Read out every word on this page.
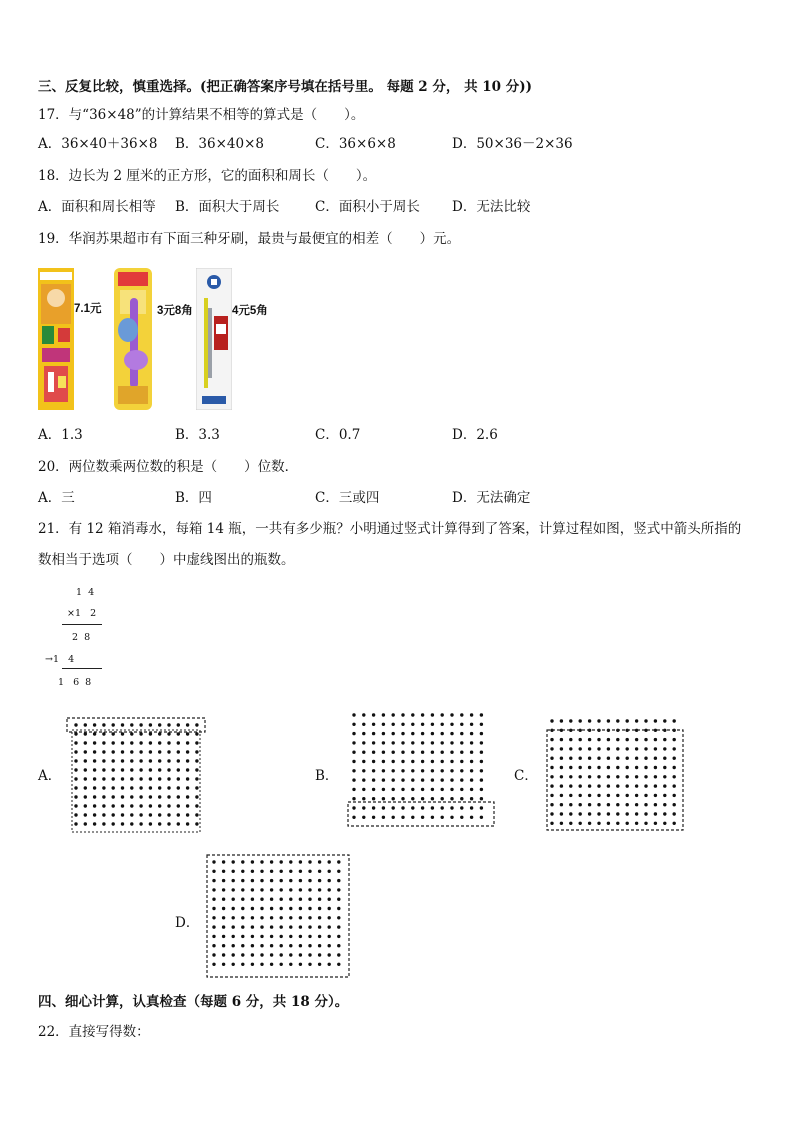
三、反复比较，慎重选择。(把正确答案序号填在括号里。 每题 2 分， 共 10 分))
17．与“36×48”的计算结果不相等的算式是（　　）。
A．36×40＋36×8 B．36×40×8	C．36×6×8	D．50×36－2×36
18．边长为 2 厘米的正方形，它的面积和周长（　　）。
A．面积和周长相等 B．面积大于周长	C．面积小于周长 D．无法比较
19．华润苏果超市有下面三种牙刷，最贵与最便宜的相差（　　）元。
7.1元	3元8角	4元5角
A．1.3	B．3.3	C．0.7	D．2.6
20．两位数乘两位数的积是（　　）位数．
A．三	B．四	C．三或四	D．无法确定
21．有 12 箱消毒水，每箱 14 瓶，一共有多少瓶？小明通过竖式计算得到了答案，计算过程如图，竖式中箭头所指的
数相当于选项（　　）中虚线图出的瓶数。
1  4
×1   2
2  8
→1   4
1   6  8
A．	B．	C．
D．
四、细心计算，认真检查（每题 6 分，共 18 分）。
22．直接写得数：
